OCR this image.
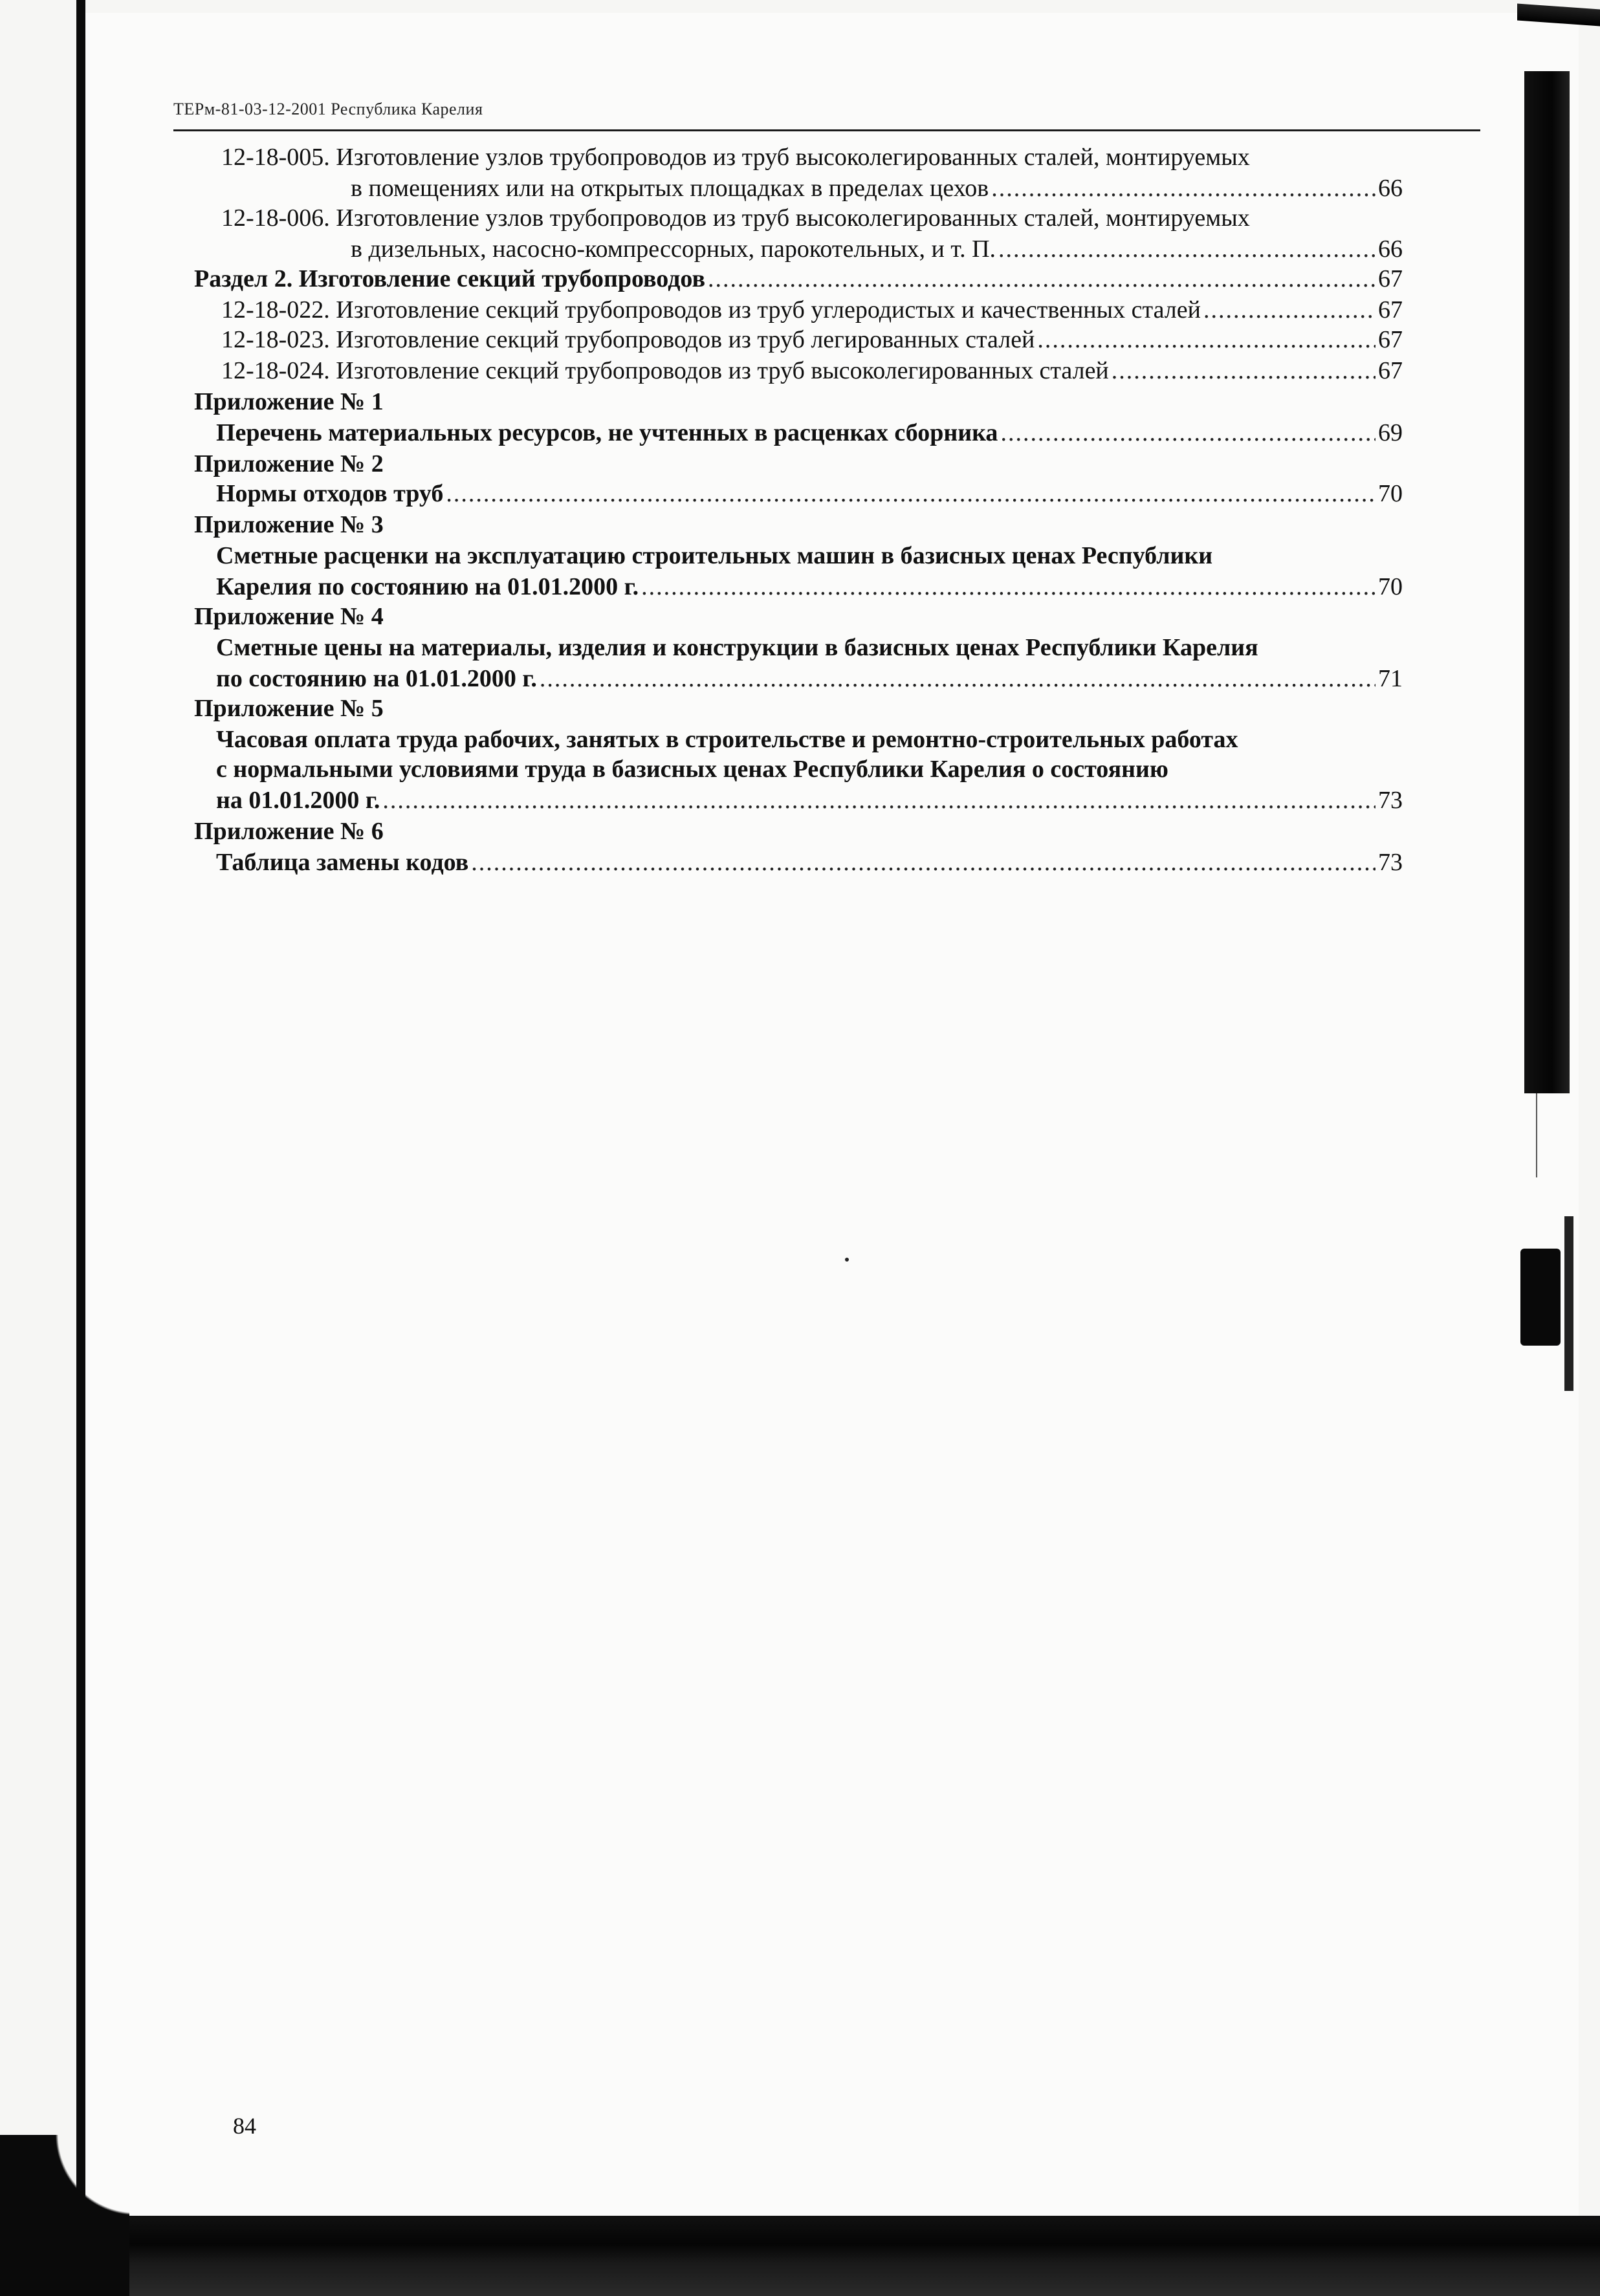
ТЕРм-81-03-12-2001 Республика Карелия
12-18-005. Изготовление узлов трубопроводов из труб высоколегированных сталей, монтируемых
в помещениях или на открытых площадках в пределах цехов .....	66
12-18-006. Изготовление узлов трубопроводов из труб высоколегированных сталей, монтируемых
в дизельных, насосно-компрессорных, парокотельных, и т. П. .....	66
Раздел 2. Изготовление секций трубопроводов .....	67
12-18-022. Изготовление секций трубопроводов из труб углеродистых и качественных сталей .....	67
12-18-023. Изготовление секций трубопроводов из труб легированных сталей .....	67
12-18-024. Изготовление секций трубопроводов из труб высоколегированных сталей .....	67
Приложение № 1
Перечень материальных ресурсов, не учтенных в расценках сборника .....	69
Приложение № 2
Нормы отходов труб .....	70
Приложение № 3
Сметные расценки на эксплуатацию строительных машин в базисных ценах Республики
Карелия по состоянию на 01.01.2000 г. .....	70
Приложение № 4
Сметные цены на материалы, изделия и конструкции в базисных ценах Республики Карелия
по состоянию на 01.01.2000 г. .....	71
Приложение № 5
Часовая оплата труда рабочих, занятых в строительстве и ремонтно-строительных работах
с нормальными условиями труда в базисных ценах Республики Карелия о состоянию
на 01.01.2000 г. .....	73
Приложение № 6
Таблица замены кодов .....	73
84
